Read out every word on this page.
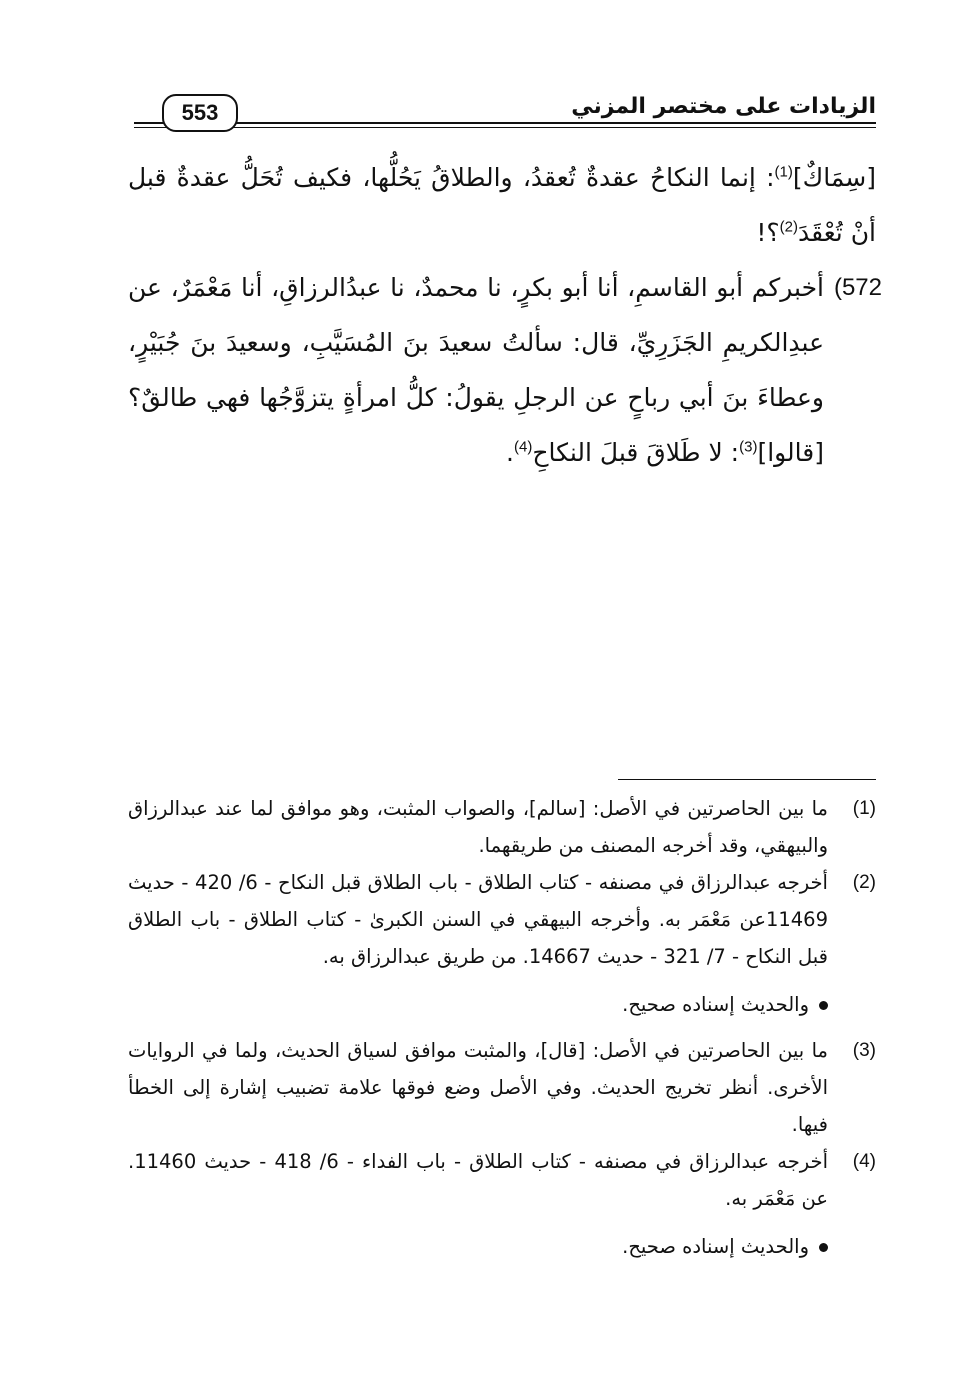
الزيادات على مختصر المزني
553

[سِمَاكٌ]$^{(1)}$: إنما النكاحُ عقدةٌ تُعقدُ، والطلاقُ يَحُلُّها، فكيف تُحَلُّ عقدةٌ قبل أنْ تُعْقَدَ$^{(2)}$؟!

572)
أخبركم أبو القاسمِ، أنا أبو بكرٍ، نا محمدٌ، نا عبدُالرزاقِ، أنا مَعْمَرٌ، عن عبدِالكريمِ الجَزَرِيِّ، قال: سألتُ سعيدَ بنَ المُسَيَّبِ، وسعيدَ بنَ جُبَيْرٍ، وعطاءَ بنَ أبي رباحٍ عن الرجلِ يقولُ: كلُّ امرأةٍ يتزوَّجُها فهي طالقٌ؟ [قالوا]$^{(3)}$: لا طَلاقَ قبلَ النكاحِ$^{(4)}$.

(1)
ما بين الحاصرتين في الأصل: [سالم]، والصواب المثبت، وهو موافق لما عند عبدالرزاق والبيهقي، وقد أخرجه المصنف من طريقهما.

(2)
أخرجه عبدالرزاق في مصنفه - كتاب الطلاق - باب الطلاق قبل النكاح - 6/ 420 - حديث 11469عن مَعْمَر به. وأخرجه البيهقي في السنن الكبرىٰ - كتاب الطلاق - باب الطلاق قبل النكاح - 7/ 321 - حديث 14667. من طريق عبدالرزاق به.

والحديث إسناده صحيح.

(3)
ما بين الحاصرتين في الأصل: [قال]، والمثبت موافق لسياق الحديث، ولما في الروايات الأخرى. أنظر تخريج الحديث. وفي الأصل وضع فوقها علامة تضبيب إشارة إلى الخطأ فيها.

(4)
أخرجه عبدالرزاق في مصنفه - كتاب الطلاق - باب الفداء - 6/ 418 - حديث 11460. عن مَعْمَر به.

والحديث إسناده صحيح.
